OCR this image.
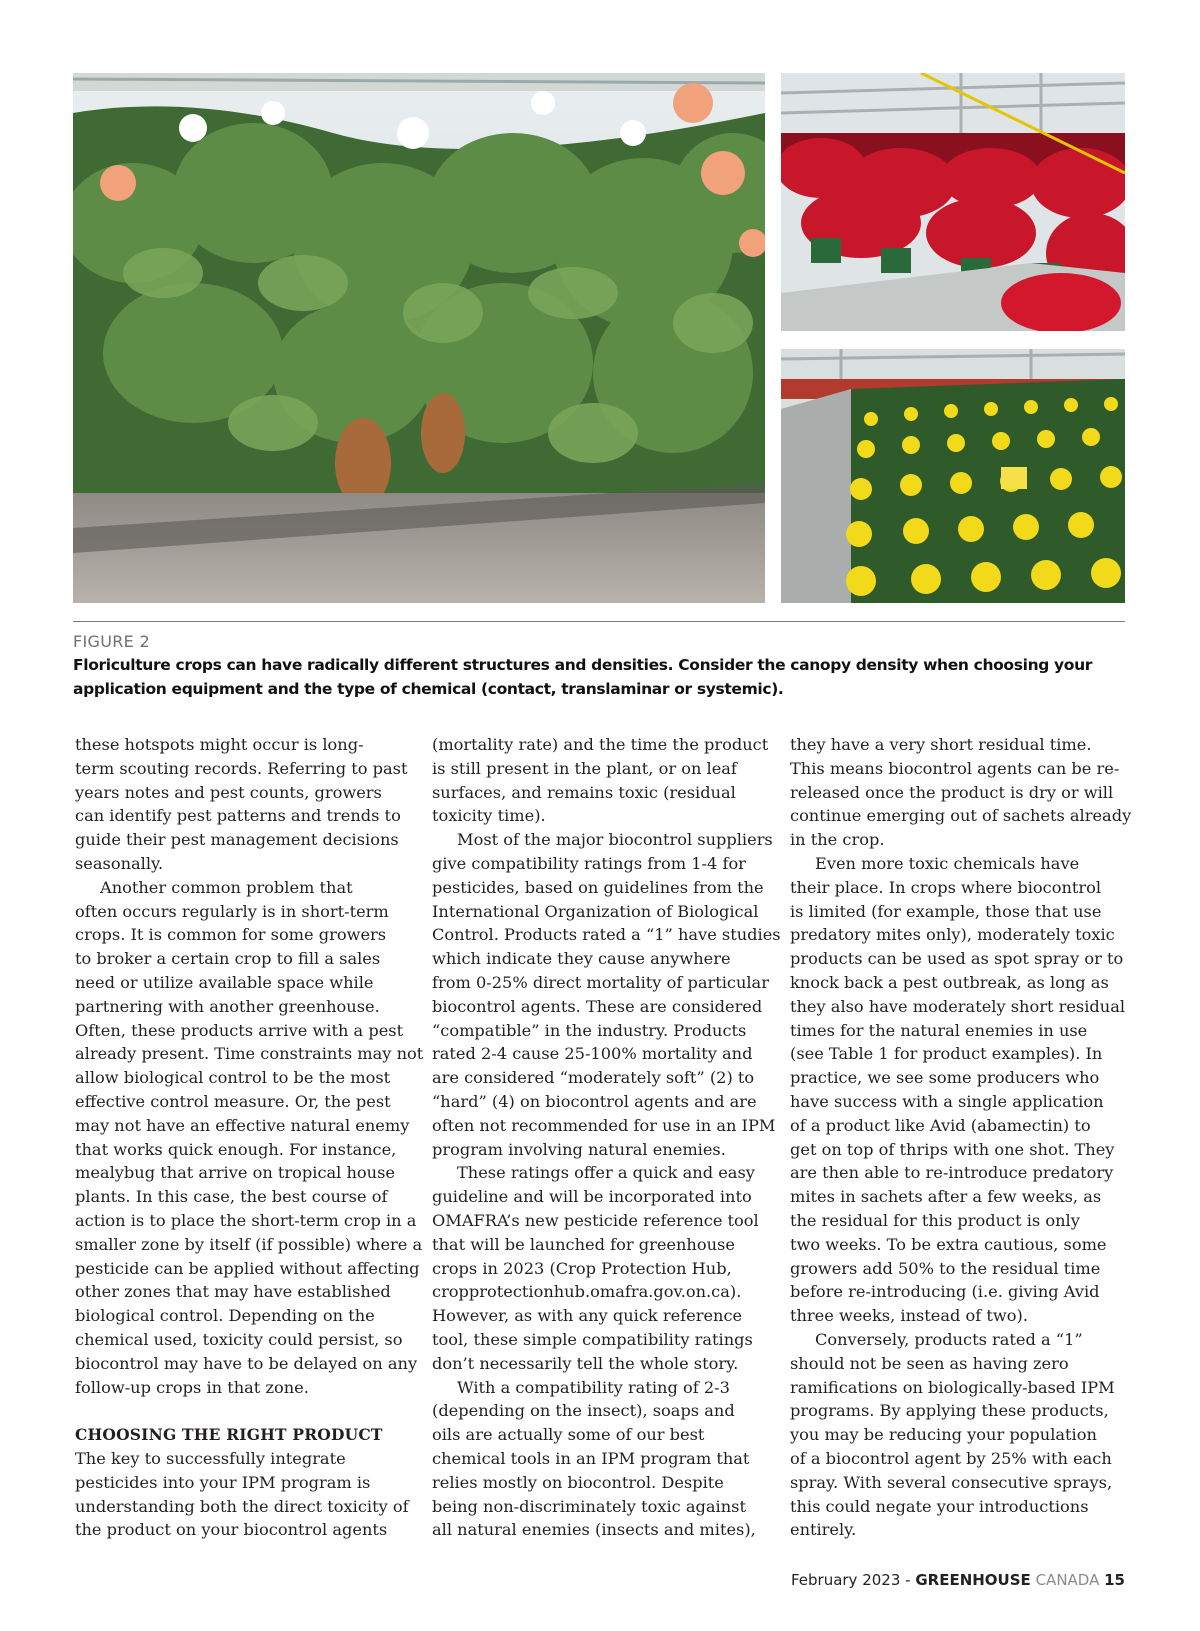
FIGURE 2
Floriculture crops can have radically different structures and densities. Consider the canopy density when choosing your
application equipment and the type of chemical (contact, translaminar or systemic).

these hotspots might occur is long-

term scouting records. Referring to past

years notes and pest counts, growers

can identify pest patterns and trends to

guide their pest management decisions

seasonally.

Another common problem that

often occurs regularly is in short-term

crops. It is common for some growers

to broker a certain crop to fill a sales

need or utilize available space while

partnering with another greenhouse.

Often, these products arrive with a pest

already present. Time constraints may not

allow biological control to be the most

effective control measure. Or, the pest

may not have an effective natural enemy

that works quick enough. For instance,

mealybug that arrive on tropical house

plants. In this case, the best course of

action is to place the short-term crop in a

smaller zone by itself (if possible) where a

pesticide can be applied without affecting

other zones that may have established

biological control. Depending on the

chemical used, toxicity could persist, so

biocontrol may have to be delayed on any

follow-up crops in that zone.

CHOOSING THE RIGHT PRODUCT

The key to successfully integrate

pesticides into your IPM program is

understanding both the direct toxicity of

the product on your biocontrol agents

(mortality rate) and the time the product

is still present in the plant, or on leaf

surfaces, and remains toxic (residual

toxicity time).

Most of the major biocontrol suppliers

give compatibility ratings from 1-4 for

pesticides, based on guidelines from the

International Organization of Biological

Control. Products rated a “1” have studies

which indicate they cause anywhere

from 0-25% direct mortality of particular

biocontrol agents. These are considered

“compatible” in the industry. Products

rated 2-4 cause 25-100% mortality and

are considered “moderately soft” (2) to

“hard” (4) on biocontrol agents and are

often not recommended for use in an IPM

program involving natural enemies.

These ratings offer a quick and easy

guideline and will be incorporated into

OMAFRA’s new pesticide reference tool

that will be launched for greenhouse

crops in 2023 (Crop Protection Hub,

cropprotectionhub.omafra.gov.on.ca).

However, as with any quick reference

tool, these simple compatibility ratings

don’t necessarily tell the whole story.

With a compatibility rating of 2-3

(depending on the insect), soaps and

oils are actually some of our best

chemical tools in an IPM program that

relies mostly on biocontrol. Despite

being non-discriminately toxic against

all natural enemies (insects and mites),

they have a very short residual time.

This means biocontrol agents can be re-

released once the product is dry or will

continue emerging out of sachets already

in the crop.

Even more toxic chemicals have

their place. In crops where biocontrol

is limited (for example, those that use

predatory mites only), moderately toxic

products can be used as spot spray or to

knock back a pest outbreak, as long as

they also have moderately short residual

times for the natural enemies in use

(see Table 1 for product examples). In

practice, we see some producers who

have success with a single application

of a product like Avid (abamectin) to

get on top of thrips with one shot. They

are then able to re-introduce predatory

mites in sachets after a few weeks, as

the residual for this product is only

two weeks. To be extra cautious, some

growers add 50% to the residual time

before re-introducing (i.e. giving Avid

three weeks, instead of two).

Conversely, products rated a “1”

should not be seen as having zero

ramifications on biologically-based IPM

programs. By applying these products,

you may be reducing your population

of a biocontrol agent by 25% with each

spray. With several consecutive sprays,

this could negate your introductions

entirely.

February 2023 - GREENHOUSE CANADA 15
